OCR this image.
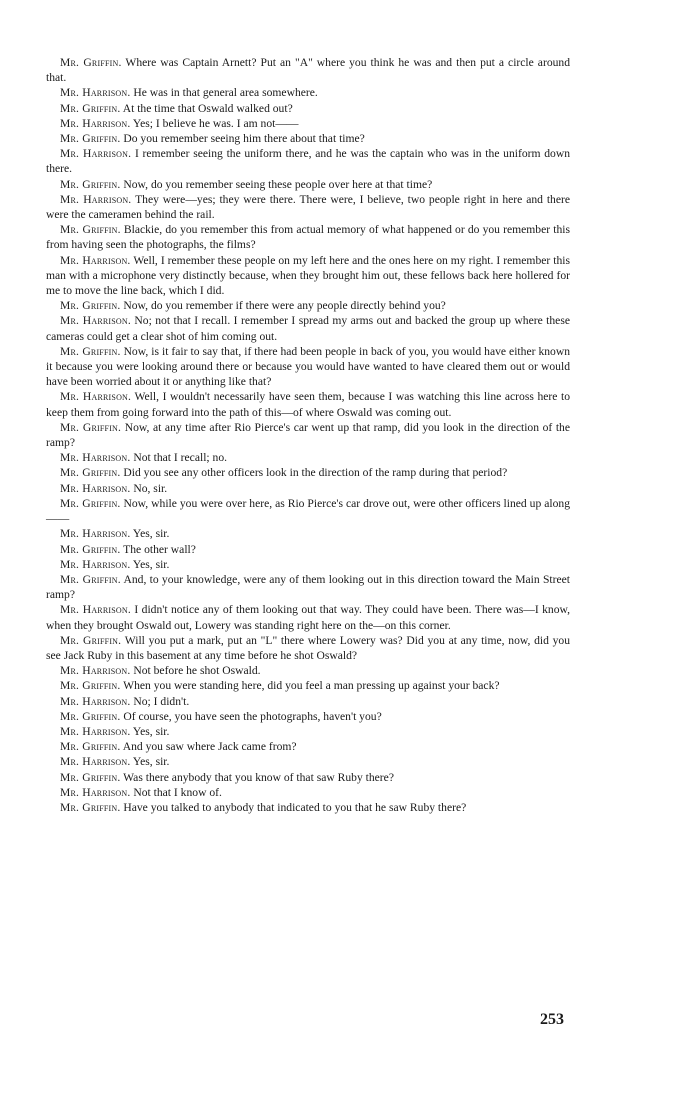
Mr. Griffin. Where was Captain Arnett? Put an "A" where you think he was and then put a circle around that.

Mr. Harrison. He was in that general area somewhere.

Mr. Griffin. At the time that Oswald walked out?

Mr. Harrison. Yes; I believe he was. I am not——

Mr. Griffin. Do you remember seeing him there about that time?

Mr. Harrison. I remember seeing the uniform there, and he was the captain who was in the uniform down there.

Mr. Griffin. Now, do you remember seeing these people over here at that time?

Mr. Harrison. They were—yes; they were there. There were, I believe, two people right in here and there were the cameramen behind the rail.

Mr. Griffin. Blackie, do you remember this from actual memory of what happened or do you remember this from having seen the photographs, the films?

Mr. Harrison. Well, I remember these people on my left here and the ones here on my right. I remember this man with a microphone very distinctly because, when they brought him out, these fellows back here hollered for me to move the line back, which I did.

Mr. Griffin. Now, do you remember if there were any people directly behind you?

Mr. Harrison. No; not that I recall. I remember I spread my arms out and backed the group up where these cameras could get a clear shot of him coming out.

Mr. Griffin. Now, is it fair to say that, if there had been people in back of you, you would have either known it because you were looking around there or because you would have wanted to have cleared them out or would have been worried about it or anything like that?

Mr. Harrison. Well, I wouldn't necessarily have seen them, because I was watching this line across here to keep them from going forward into the path of this—of where Oswald was coming out.

Mr. Griffin. Now, at any time after Rio Pierce's car went up that ramp, did you look in the direction of the ramp?

Mr. Harrison. Not that I recall; no.

Mr. Griffin. Did you see any other officers look in the direction of the ramp during that period?

Mr. Harrison. No, sir.

Mr. Griffin. Now, while you were over here, as Rio Pierce's car drove out, were other officers lined up along——

Mr. Harrison. Yes, sir.

Mr. Griffin. The other wall?

Mr. Harrison. Yes, sir.

Mr. Griffin. And, to your knowledge, were any of them looking out in this direction toward the Main Street ramp?

Mr. Harrison. I didn't notice any of them looking out that way. They could have been. There was—I know, when they brought Oswald out, Lowery was standing right here on the—on this corner.

Mr. Griffin. Will you put a mark, put an "L" there where Lowery was? Did you at any time, now, did you see Jack Ruby in this basement at any time before he shot Oswald?

Mr. Harrison. Not before he shot Oswald.

Mr. Griffin. When you were standing here, did you feel a man pressing up against your back?

Mr. Harrison. No; I didn't.

Mr. Griffin. Of course, you have seen the photographs, haven't you?

Mr. Harrison. Yes, sir.

Mr. Griffin. And you saw where Jack came from?

Mr. Harrison. Yes, sir.

Mr. Griffin. Was there anybody that you know of that saw Ruby there?

Mr. Harrison. Not that I know of.

Mr. Griffin. Have you talked to anybody that indicated to you that he saw Ruby there?

253
